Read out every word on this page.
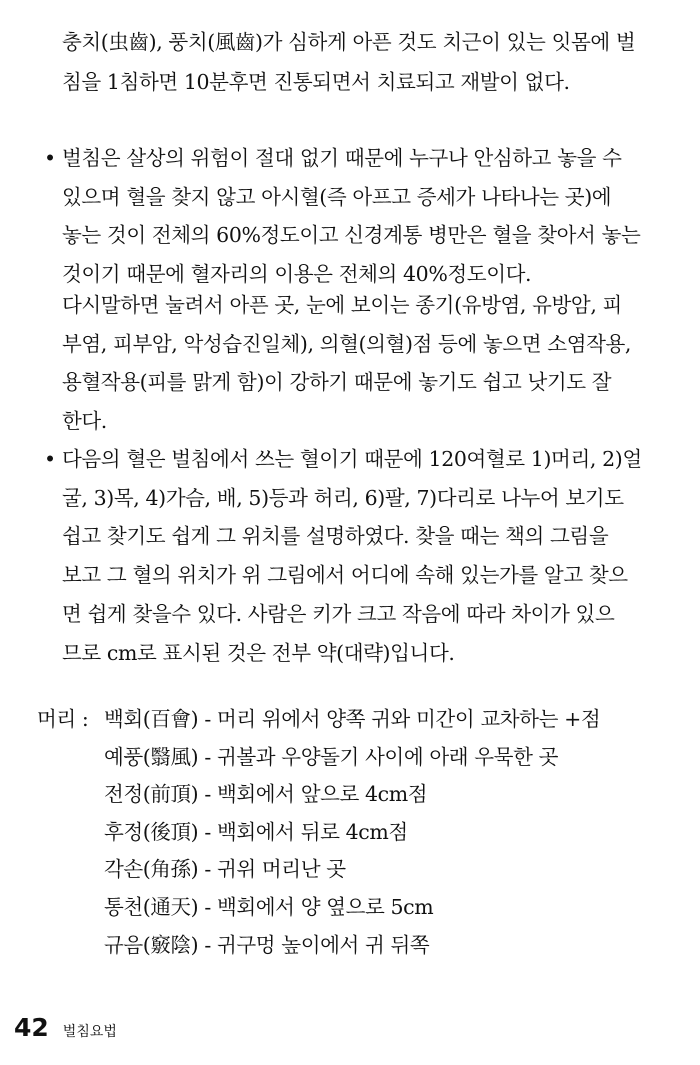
충치(虫齒), 풍치(風齒)가 심하게 아픈 것도 치근이 있는 잇몸에 벌
침을 1침하면 10분후면 진통되면서 치료되고 재발이 없다.
• 벌침은 살상의 위험이 절대 없기 때문에 누구나 안심하고 놓을 수
있으며 혈을 찾지 않고 아시혈(즉 아프고 증세가 나타나는 곳)에
놓는 것이 전체의 60%정도이고 신경계통 병만은 혈을 찾아서 놓는
것이기 때문에 혈자리의 이용은 전체의 40%정도이다.
다시말하면 눌려서 아픈 곳, 눈에 보이는 종기(유방염, 유방암, 피
부염, 피부암, 악성습진일체), 의혈(의혈)점 등에 놓으면 소염작용,
용혈작용(피를 맑게 함)이 강하기 때문에 놓기도 쉽고 낫기도 잘
한다.
• 다음의 혈은 벌침에서 쓰는 혈이기 때문에 120여혈로 1)머리, 2)얼
굴, 3)목, 4)가슴, 배, 5)등과 허리, 6)팔, 7)다리로 나누어 보기도
쉽고 찾기도 쉽게 그 위치를 설명하였다. 찾을 때는 책의 그림을
보고 그 혈의 위치가 위 그림에서 어디에 속해 있는가를 알고 찾으
면 쉽게 찾을수 있다. 사람은 키가 크고 작음에 따라 차이가 있으
므로 cm로 표시된 것은 전부 약(대략)입니다.
머리 : 백회(百會) - 머리 위에서 양쪽 귀와 미간이 교차하는 +점
예풍(翳風) - 귀볼과 우양돌기 사이에 아래 우묵한 곳
전정(前頂) - 백회에서 앞으로 4cm점
후정(後頂) - 백회에서 뒤로 4cm점
각손(角孫) - 귀위 머리난 곳
통천(通天) - 백회에서 양 옆으로 5cm
규음(竅陰) - 귀구멍 높이에서 귀 뒤쪽
42 벌침요법
